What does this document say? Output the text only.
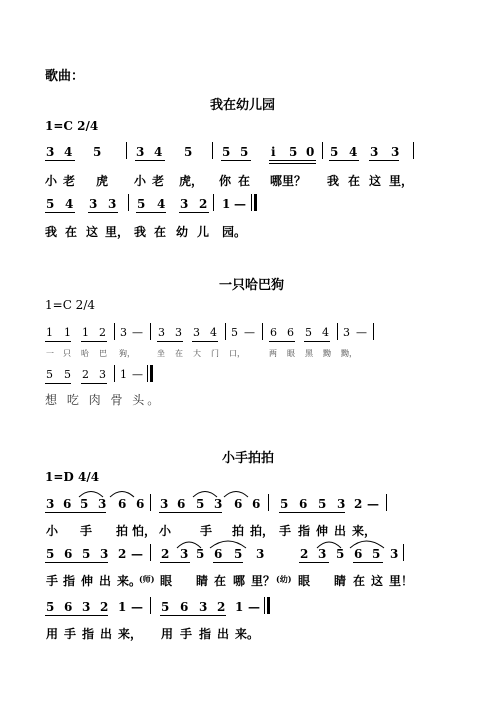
歌曲：
我在幼儿园
1=C 2/4
3 4 5	3 4 5 5 5 i 5 0 5 4 3 3
小 老 虎 小 老 虎， 你 在 哪里？ 我 在 这 里，
5 4 3 3 5 4 3 2 1 —
我 在 这 里， 我 在 幼 儿 园。
一只哈巴狗
1=C 2/4
1 1 1 2 3 — 3 3 3 4 5 — 6 6 5 4 3 —
一 只 哈 巴 狗，	坐 在 大 门 口，	两 眼 黑 黝 黝，
5 5 2 3 1 —
想 吃 肉 骨 头。
小手拍拍
1=D 4/4
3 6 5 3 6 6 3 6 5 3 6 6 5 6 5 3 2 —
小 手 拍 怕， 小 手 拍 拍， 手 指 伸 出 来，
5 6 5 3 2 — 2 3 5 6 5 3	2 3 5 6 5 3
手 指 伸 出 来。
(师) 眼 睛 在 哪 里？ (幼) 眼 睛 在 这 里！
5 6 3 2 1 — 5 6 3 2 1 —
用 手 指 出 来， 用 手 指 出 来。
